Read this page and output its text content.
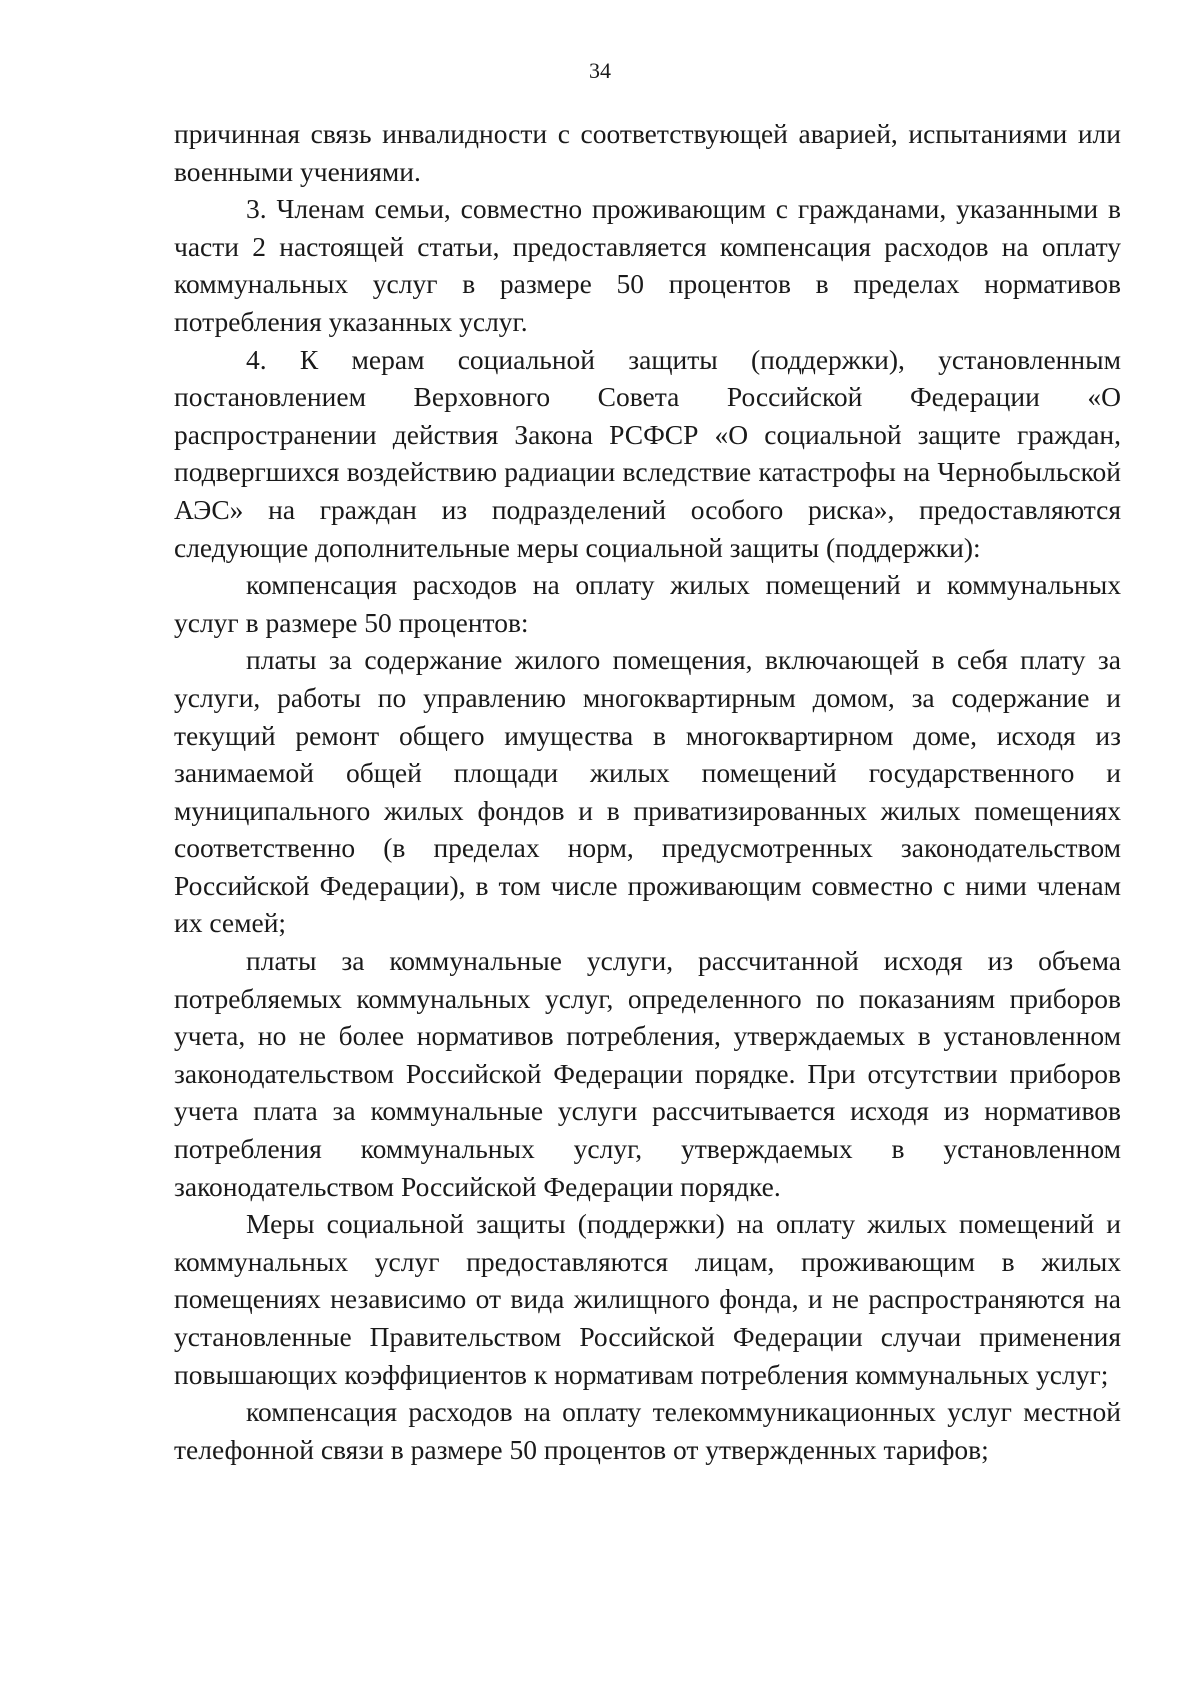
34

причинная связь инвалидности с соответствующей аварией, испытаниями или военными учениями.

3. Членам семьи, совместно проживающим с гражданами, указанными в части 2 настоящей статьи, предоставляется компенсация расходов на оплату коммунальных услуг в размере 50 процентов в пределах нормативов потребления указанных услуг.

4. К мерам социальной защиты (поддержки), установленным постановлением Верховного Совета Российской Федерации «О распространении действия Закона РСФСР «О социальной защите граждан, подвергшихся воздействию радиации вследствие катастрофы на Чернобыльской АЭС» на граждан из подразделений особого риска», предоставляются следующие дополнительные меры социальной защиты (поддержки):

компенсация расходов на оплату жилых помещений и коммунальных услуг в размере 50 процентов:

платы за содержание жилого помещения, включающей в себя плату за услуги, работы по управлению многоквартирным домом, за содержание и текущий ремонт общего имущества в многоквартирном доме, исходя из занимаемой общей площади жилых помещений государственного и муниципального жилых фондов и в приватизированных жилых помещениях соответственно (в пределах норм, предусмотренных законодательством Российской Федерации), в том числе проживающим совместно с ними членам их семей;

платы за коммунальные услуги, рассчитанной исходя из объема потребляемых коммунальных услуг, определенного по показаниям приборов учета, но не более нормативов потребления, утверждаемых в установленном законодательством Российской Федерации порядке. При отсутствии приборов учета плата за коммунальные услуги рассчитывается исходя из нормативов потребления коммунальных услуг, утверждаемых в установленном законодательством Российской Федерации порядке.

Меры социальной защиты (поддержки) на оплату жилых помещений и коммунальных услуг предоставляются лицам, проживающим в жилых помещениях независимо от вида жилищного фонда, и не распространяются на установленные Правительством Российской Федерации случаи применения повышающих коэффициентов к нормативам потребления коммунальных услуг;

компенсация расходов на оплату телекоммуникационных услуг местной телефонной связи в размере 50 процентов от утвержденных тарифов;
